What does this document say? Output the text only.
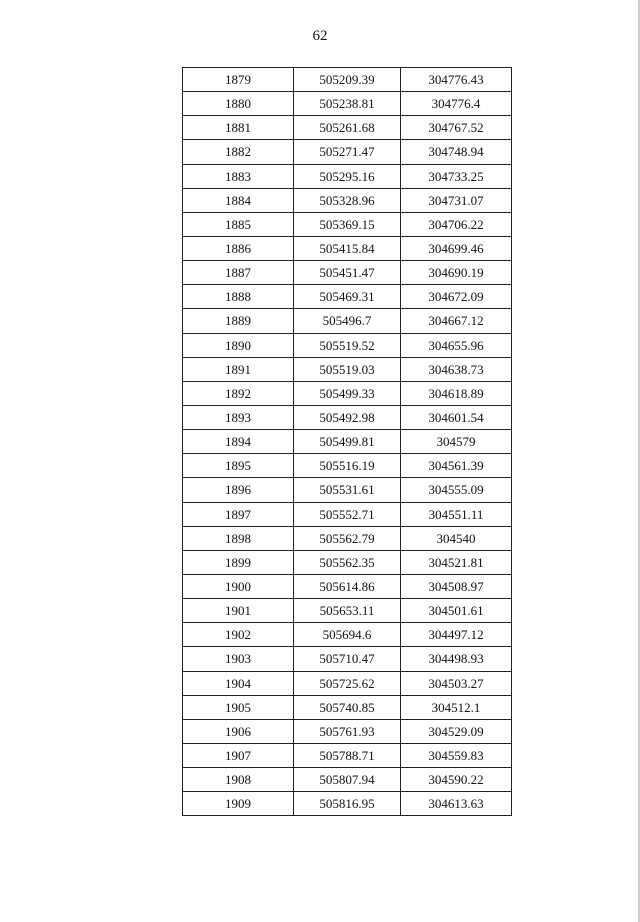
62
1879	505209.39	304776.43
1880	505238.81	304776.4
1881	505261.68	304767.52
1882	505271.47	304748.94
1883	505295.16	304733.25
1884	505328.96	304731.07
1885	505369.15	304706.22
1886	505415.84	304699.46
1887	505451.47	304690.19
1888	505469.31	304672.09
1889	505496.7	304667.12
1890	505519.52	304655.96
1891	505519.03	304638.73
1892	505499.33	304618.89
1893	505492.98	304601.54
1894	505499.81	304579
1895	505516.19	304561.39
1896	505531.61	304555.09
1897	505552.71	304551.11
1898	505562.79	304540
1899	505562.35	304521.81
1900	505614.86	304508.97
1901	505653.11	304501.61
1902	505694.6	304497.12
1903	505710.47	304498.93
1904	505725.62	304503.27
1905	505740.85	304512.1
1906	505761.93	304529.09
1907	505788.71	304559.83
1908	505807.94	304590.22
1909	505816.95	304613.63
